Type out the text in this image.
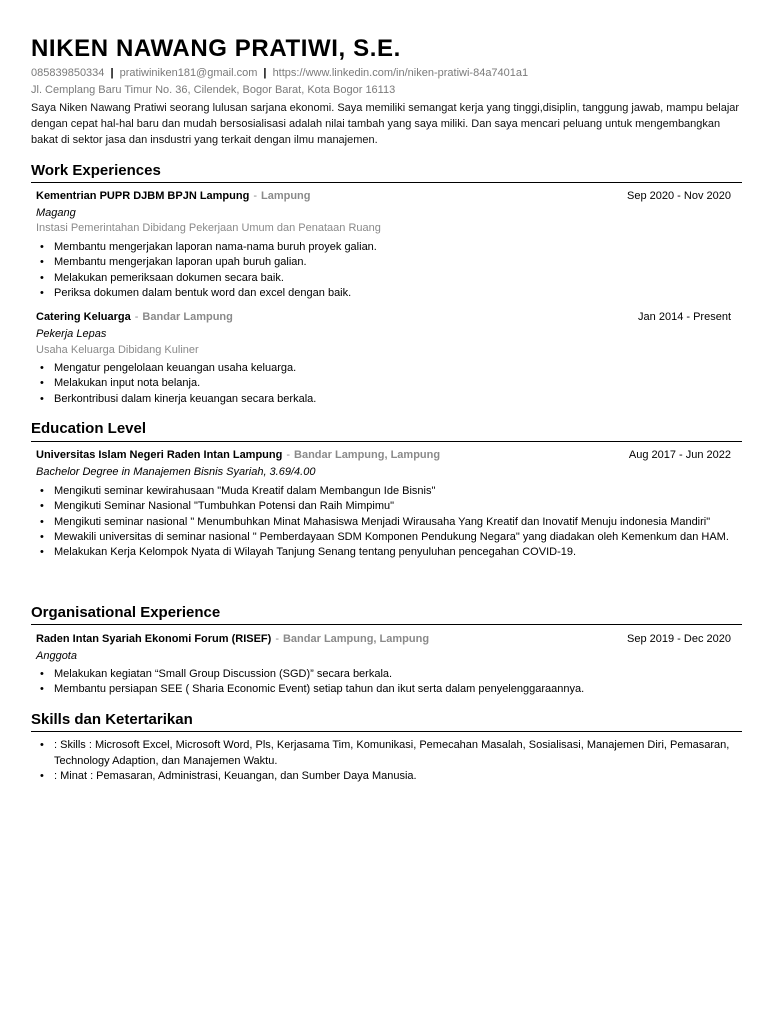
NIKEN NAWANG PRATIWI, S.E.
085839850334 | pratiwiniken181@gmail.com | https://www.linkedin.com/in/niken-pratiwi-84a7401a1
Jl. Cemplang Baru Timur No. 36, Cilendek, Bogor Barat, Kota Bogor 16113
Saya Niken Nawang Pratiwi seorang lulusan sarjana ekonomi. Saya memiliki semangat kerja yang tinggi,disiplin, tanggung jawab, mampu belajar dengan cepat hal-hal baru dan mudah bersosialisasi adalah nilai tambah yang saya miliki. Dan saya mencari peluang untuk mengembangkan bakat di sektor jasa dan insdustri yang terkait dengan ilmu manajemen.
Work Experiences
Kementrian PUPR DJBM BPJN Lampung - Lampung	Sep 2020 - Nov 2020
Magang
Instasi Pemerintahan Dibidang Pekerjaan Umum dan Penataan Ruang
• Membantu mengerjakan laporan nama-nama buruh proyek galian.
• Membantu mengerjakan laporan upah buruh galian.
• Melakukan pemeriksaan dokumen secara baik.
• Periksa dokumen dalam bentuk word dan excel dengan baik.
Catering Keluarga - Bandar Lampung	Jan 2014 - Present
Pekerja Lepas
Usaha Keluarga Dibidang Kuliner
• Mengatur pengelolaan keuangan usaha keluarga.
• Melakukan input nota belanja.
• Berkontribusi dalam kinerja keuangan secara berkala.
Education Level
Universitas Islam Negeri Raden Intan Lampung - Bandar Lampung, Lampung	Aug 2017 - Jun 2022
Bachelor Degree in Manajemen Bisnis Syariah, 3.69/4.00
• Mengikuti seminar kewirahusaan "Muda Kreatif dalam Membangun Ide Bisnis"
• Mengikuti Seminar Nasional "Tumbuhkan Potensi dan Raih Mimpimu"
• Mengikuti seminar nasional " Menumbuhkan Minat Mahasiswa Menjadi Wirausaha Yang Kreatif dan Inovatif Menuju indonesia Mandiri"
• Mewakili universitas di seminar nasional " Pemberdayaan SDM Komponen Pendukung Negara" yang diadakan oleh Kemenkum dan HAM.
• Melakukan Kerja Kelompok Nyata di Wilayah Tanjung Senang tentang penyuluhan pencegahan COVID-19.
Organisational Experience
Raden Intan Syariah Ekonomi Forum (RISEF) - Bandar Lampung, Lampung	Sep 2019 - Dec 2020
Anggota
• Melakukan kegiatan “Small Group Discussion (SGD)” secara berkala.
• Membantu persiapan SEE ( Sharia Economic Event) setiap tahun dan ikut serta dalam penyelenggaraannya.
Skills dan Ketertarikan
• : Skills : Microsoft Excel, Microsoft Word, Pls, Kerjasama Tim, Komunikasi, Pemecahan Masalah, Sosialisasi, Manajemen Diri, Pemasaran, Technology Adaption, dan Manajemen Waktu.
• : Minat : Pemasaran, Administrasi, Keuangan, dan Sumber Daya Manusia.
